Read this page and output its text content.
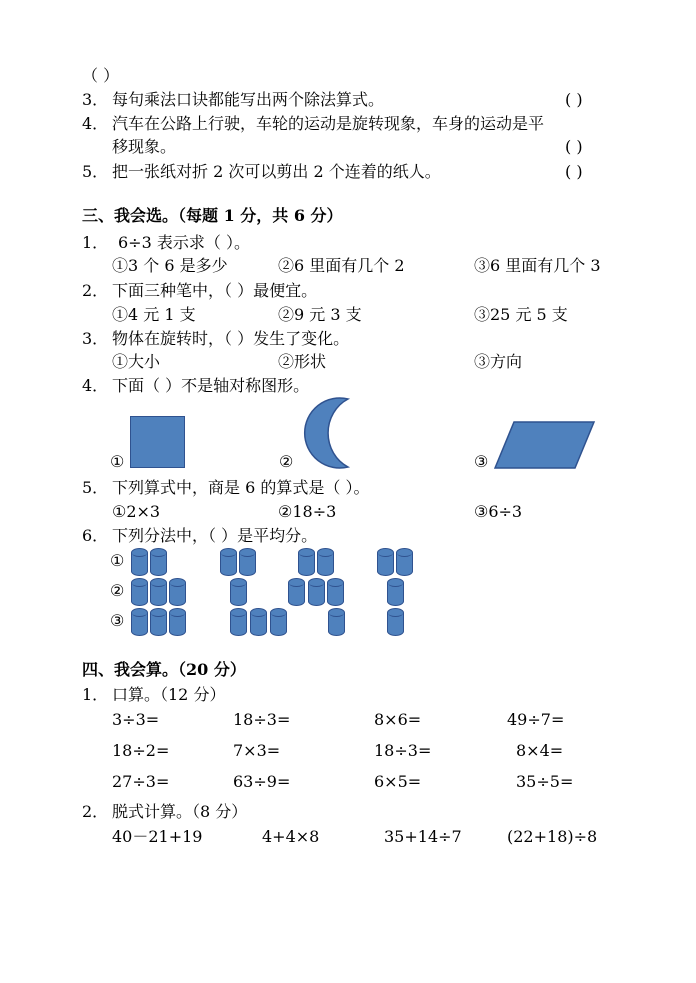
（ ）
3． 每句乘法口诀都能写出两个除法算式。	( )
4． 汽车在公路上行驶，车轮的运动是旋转现象，车身的运动是平
移现象。	( )
5． 把一张纸对折 2 次可以剪出 2 个连着的纸人。	( )
三、我会选。（每题 1 分，共 6 分）
1． 6÷3 表示求（ ）。
①3 个 6 是多少	②6 里面有几个 2	③6 里面有几个 3
2． 下面三种笔中，（ ）最便宜。
①4 元 1 支	②9 元 3 支	③25 元 5 支
3． 物体在旋转时，（ ）发生了变化。
①大小	②形状	③方向
4． 下面（ ）不是轴对称图形。
①	②	③
5． 下列算式中，商是 6 的算式是（ ）。
①2×3	②18÷3	③6÷3
6． 下列分法中，（ ）是平均分。
①
②
③
四、我会算。（20 分）
1． 口算。（12 分）
3÷3=	18÷3=	8×6=	49÷7=
18÷2=	7×3=	18÷3=	8×4=
27÷3=	63÷9=	6×5=	35÷5=
2． 脱式计算。（8 分）
40－21+19	4+4×8	35+14÷7	(22+18)÷8
